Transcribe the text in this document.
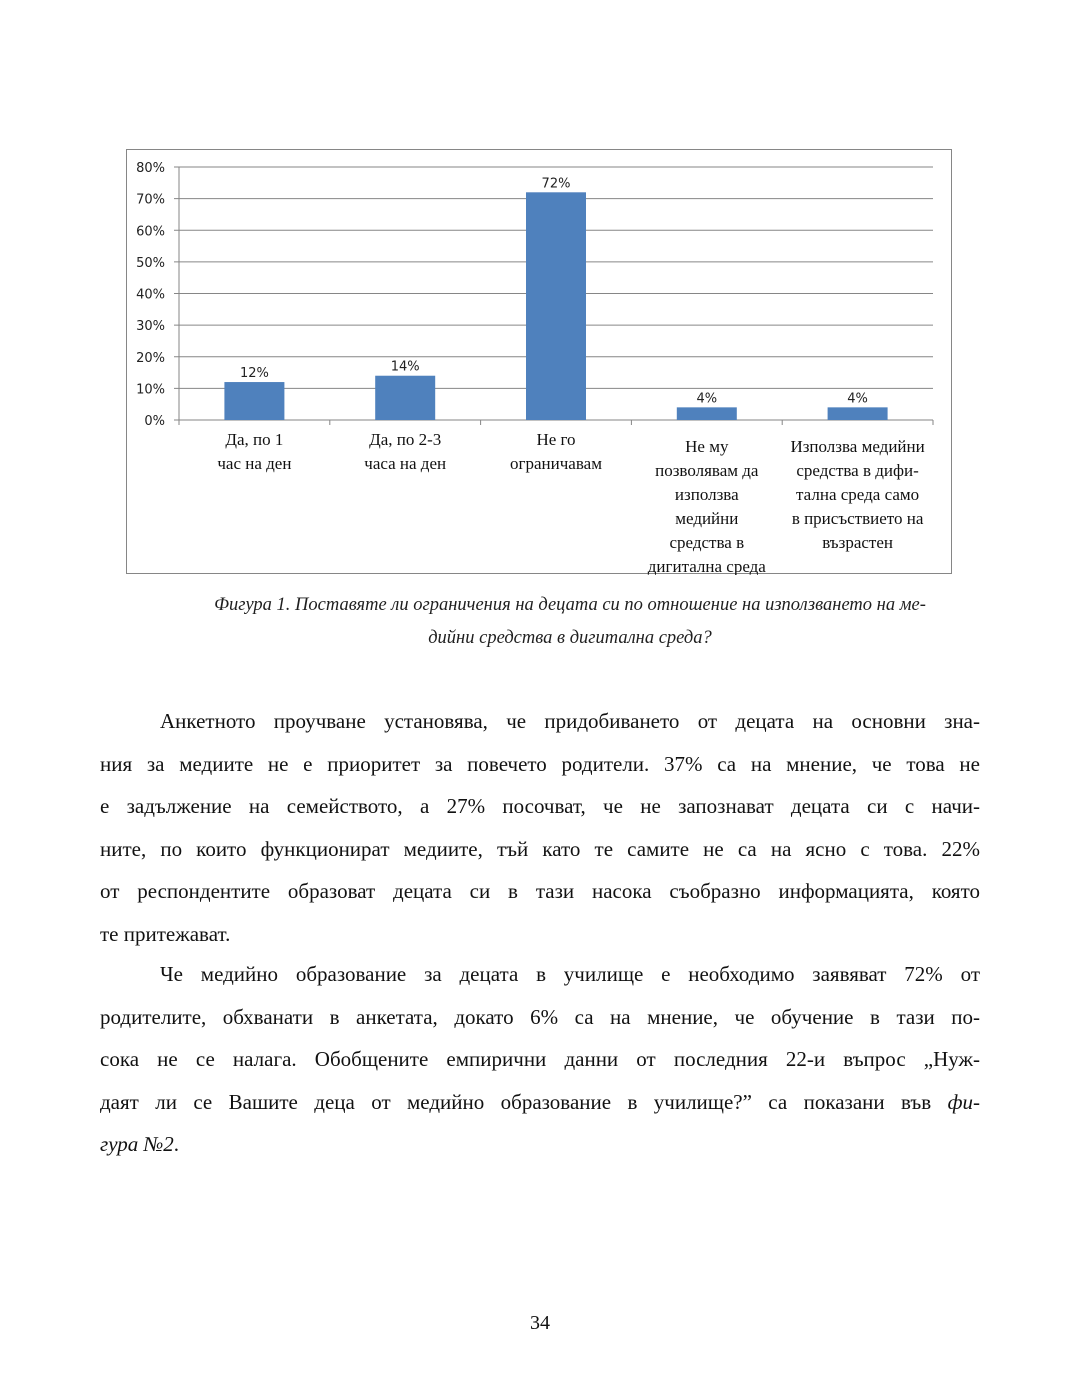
0%
10%
20%
30%
40%
50%
60%
70%
80%
12%
Да, по 1
час на ден
14%
Да, по 2-3
часа на ден
72%
Не го
ограничавам
4%
Не му
позволявам да
използва
медийни
средства в
дигитална среда
4%
Използва медийни
средства в дифи-
тална среда само
в присъствието на
възрастен
Фигура 1. Поставяте ли ограничения на децата си по отношение на използването на ме-
дийни средства в дигитална среда?
Анкетното проучване установява, че придобиването от децата на основни зна-
ния за медиите не е приоритет за повечето родители. 37% са на мнение, че това не
е задължение на семейството, а 27% посочват, че не запознават децата си с начи-
ните, по които функционират медиите, тъй като те самите не са на ясно с това. 22%
от респондентите образоват децата си в тази насока съобразно информацията, която
те притежават.
Че медийно образование за децата в училище е необходимо заявяват 72% от
родителите, обхванати в анкетата, докато 6% са на мнение, че обучение в тази по-
сока не се налага. Обобщените емпирични данни от последния 22-и въпрос „Нуж-
даят ли се Вашите деца от медийно образование в училище?” са показани във фи-
гура №2.
34
